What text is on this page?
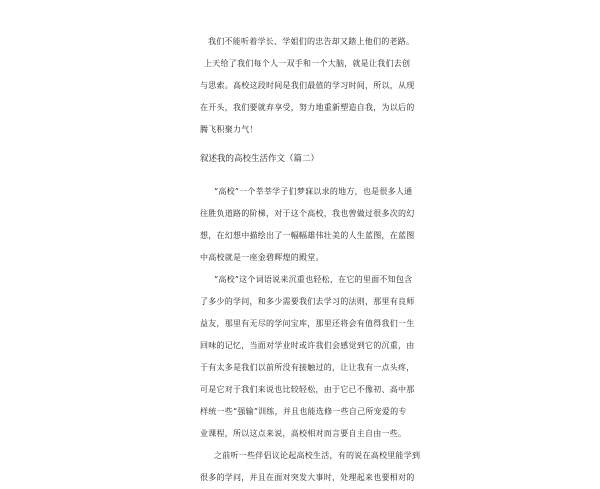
我们不能听着学长、学姐们的忠告却又踏上他们的老路。
上天给了我们每个人一双手和一个大脑，就是让我们去创
与思索。高校这段时间是我们最值的学习时间，所以，从现
在开头，我们要就弃享受，努力地重新塑造自我，为以后的
腾飞积聚力气！
叙述我的高校生活作文（篇二）
“高校”一个莘莘学子们梦寐以求的地方，也是很多人通
往胜负道路的阶梯，对于这个高校，我也曾做过很多次的幻
想，在幻想中描绘出了一幅幅雄伟壮美的人生蓝图，在蓝图
中高校就是一座金碧辉煌的殿堂。
“高校”这个词语说来沉重也轻松，在它的里面不知包含
了多少的学问，和多少需要我们去学习的法则，那里有良师
益友，那里有无尽的学问宝库，那里还将会有值得我们一生
回味的记忆，当面对学业时或许我们会感觉到它的沉重，由
于有太多是我们以前所没有接触过的，让让我有一点头疼，
可是它对于我们来说也比较轻松，由于它已不像初、高中那
样统一些“强输”训练，并且也能选修一些自己所宠爱的专
业课程，所以这点来说，高校相对而言要自主自由一些。
之前听一些伴侣议论起高校生活，有的说在高校里能学到
很多的学问，并且在面对突发大事时，处理起来也要相对的
